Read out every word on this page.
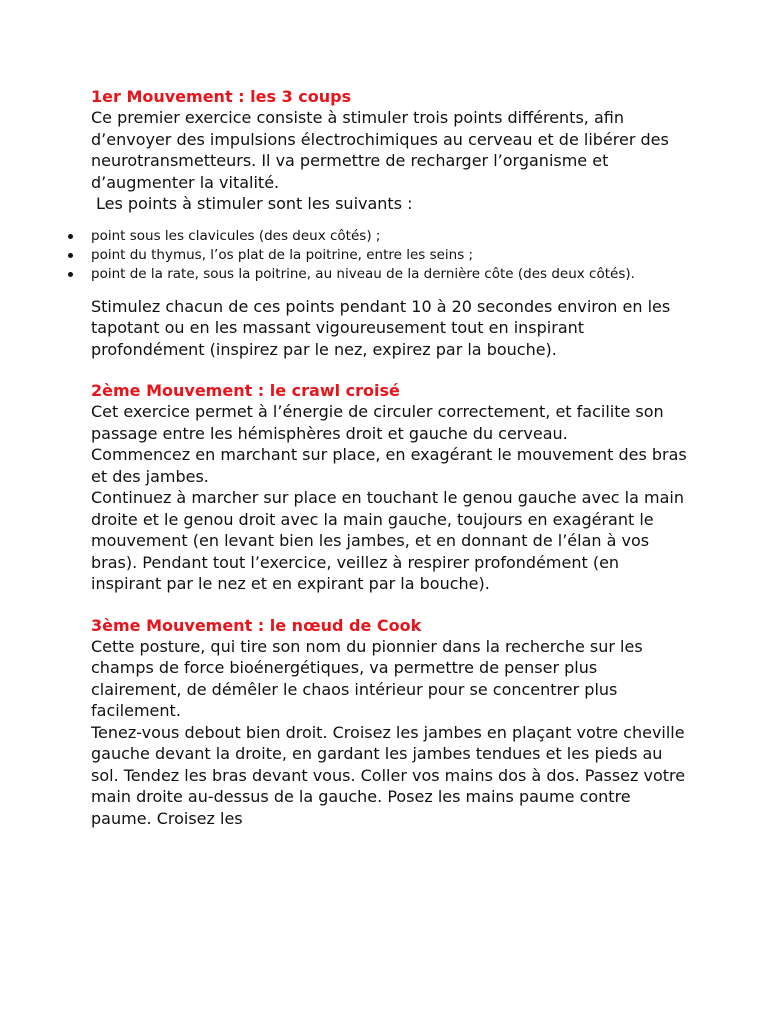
1er Mouvement : les 3 coups

Ce premier exercice consiste à stimuler trois points différents, afin d’envoyer des impulsions électrochimiques au cerveau et de libérer des neurotransmetteurs. Il va permettre de recharger l’organisme et d’augmenter la vitalité.

Les points à stimuler sont les suivants :

point sous les clavicules (des deux côtés) ;
point du thymus, l’os plat de la poitrine, entre les seins ;
point de la rate, sous la poitrine, au niveau de la dernière côte (des deux côtés).

Stimulez chacun de ces points pendant 10 à 20 secondes environ en les tapotant ou en les massant vigoureusement tout en inspirant profondément (inspirez par le nez, expirez par la bouche).

2ème Mouvement : le crawl croisé

Cet exercice permet à l’énergie de circuler correctement, et facilite son passage entre les hémisphères droit et gauche du cerveau.

Commencez en marchant sur place, en exagérant le mouvement des bras et des jambes.

Continuez à marcher sur place en touchant le genou gauche avec la main droite et le genou droit avec la main gauche, toujours en exagérant le mouvement (en levant bien les jambes, et en donnant de l’élan à vos bras). Pendant tout l’exercice, veillez à respirer profondément (en inspirant par le nez et en expirant par la bouche).

3ème Mouvement : le nœud de Cook

Cette posture, qui tire son nom du pionnier dans la recherche sur les champs de force bioénergétiques, va permettre de penser plus clairement, de démêler le chaos intérieur pour se concentrer plus facilement.

Tenez-vous debout bien droit. Croisez les jambes en plaçant votre cheville gauche devant la droite, en gardant les jambes tendues et les pieds au sol. Tendez les bras devant vous. Coller vos mains dos à dos. Passez votre main droite au-dessus de la gauche. Posez les mains paume contre paume. Croisez les
